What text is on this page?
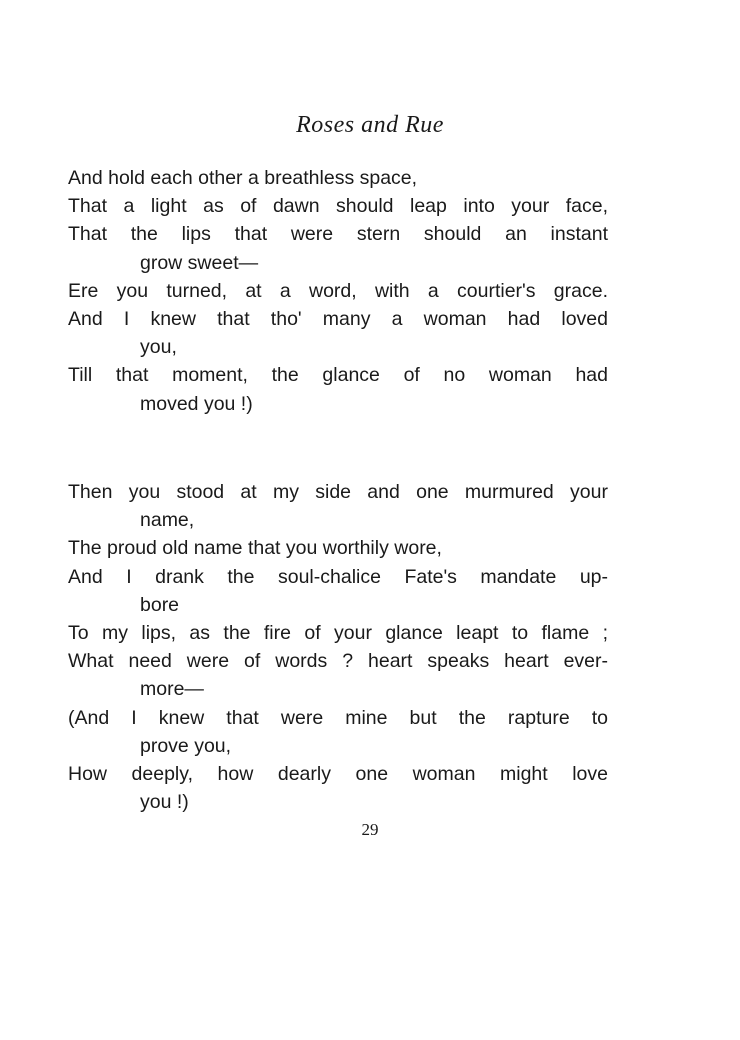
Roses and Rue
And hold each other a breathless space,
That a light as of dawn should leap into your face,
That the lips that were stern should an instant
grow sweet—
Ere you turned, at a word, with a courtier's grace.
And I knew that tho' many a woman had loved
you,
Till that moment, the glance of no woman had
moved you !)
Then you stood at my side and one murmured your
name,
The proud old name that you worthily wore,
And I drank the soul-chalice Fate's mandate up-
bore
To my lips, as the fire of your glance leapt to flame ;
What need were of words ? heart speaks heart ever-
more—
(And I knew that were mine but the rapture to
prove you,
How deeply, how dearly one woman might love
you !)
29
